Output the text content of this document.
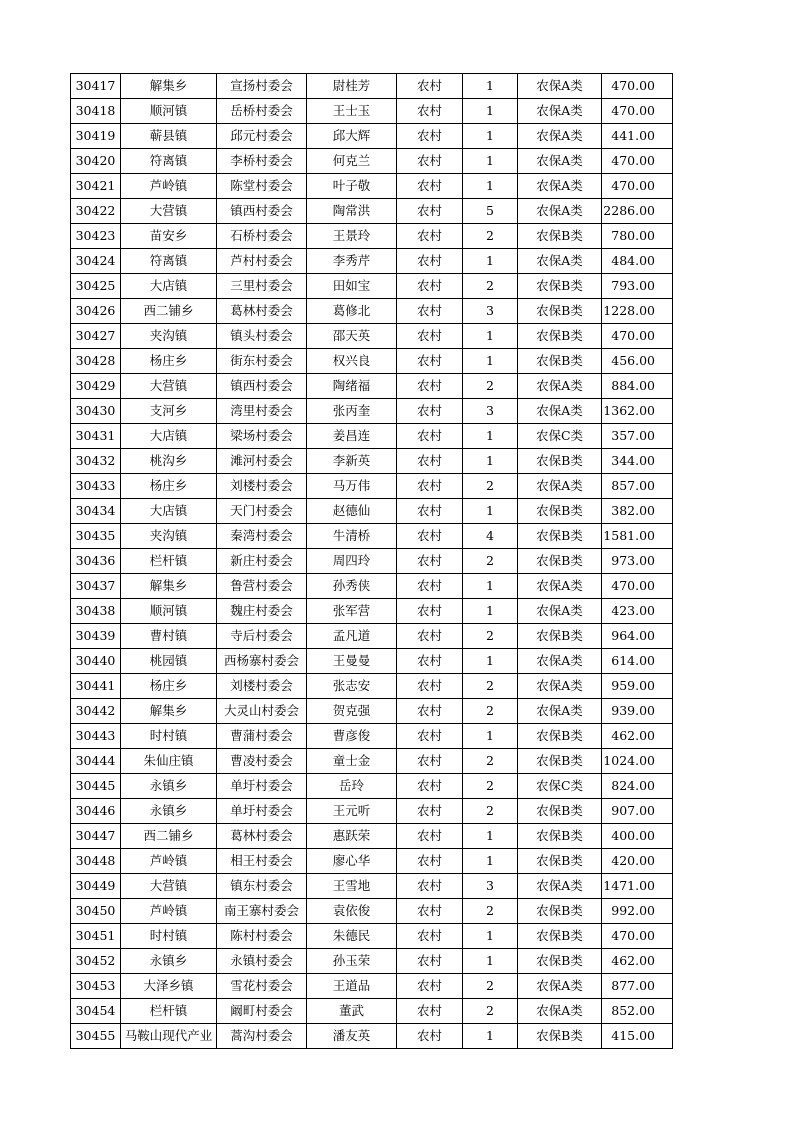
30417	解集乡	宣扬村委会	尉桂芳	农村	1	农保A类	470.00
30418	顺河镇	岳桥村委会	王士玉	农村	1	农保A类	470.00
30419	蕲县镇	邱元村委会	邱大辉	农村	1	农保A类	441.00
30420	符离镇	李桥村委会	何克兰	农村	1	农保A类	470.00
30421	芦岭镇	陈堂村委会	叶子敬	农村	1	农保A类	470.00
30422	大营镇	镇西村委会	陶常洪	农村	5	农保A类	2286.00
30423	苗安乡	石桥村委会	王景玲	农村	2	农保B类	780.00
30424	符离镇	芦村村委会	李秀芹	农村	1	农保A类	484.00
30425	大店镇	三里村委会	田如宝	农村	2	农保B类	793.00
30426	西二铺乡	葛林村委会	葛修北	农村	3	农保B类	1228.00
30427	夹沟镇	镇头村委会	邵天英	农村	1	农保B类	470.00
30428	杨庄乡	街东村委会	权兴良	农村	1	农保B类	456.00
30429	大营镇	镇西村委会	陶绪福	农村	2	农保A类	884.00
30430	支河乡	湾里村委会	张丙奎	农村	3	农保A类	1362.00
30431	大店镇	梁场村委会	姜昌连	农村	1	农保C类	357.00
30432	桃沟乡	滩河村委会	李新英	农村	1	农保B类	344.00
30433	杨庄乡	刘楼村委会	马万伟	农村	2	农保A类	857.00
30434	大店镇	天门村委会	赵德仙	农村	1	农保B类	382.00
30435	夹沟镇	秦湾村委会	牛清桥	农村	4	农保B类	1581.00
30436	栏杆镇	新庄村委会	周四玲	农村	2	农保B类	973.00
30437	解集乡	鲁营村委会	孙秀侠	农村	1	农保A类	470.00
30438	顺河镇	魏庄村委会	张军营	农村	1	农保A类	423.00
30439	曹村镇	寺后村委会	孟凡道	农村	2	农保B类	964.00
30440	桃园镇	西杨寨村委会	王曼曼	农村	1	农保A类	614.00
30441	杨庄乡	刘楼村委会	张志安	农村	2	农保A类	959.00
30442	解集乡	大灵山村委会	贺克强	农村	2	农保A类	939.00
30443	时村镇	曹蒲村委会	曹彦俊	农村	1	农保B类	462.00
30444	朱仙庄镇	曹凌村委会	童士金	农村	2	农保B类	1024.00
30445	永镇乡	单圩村委会	岳玲	农村	2	农保C类	824.00
30446	永镇乡	单圩村委会	王元听	农村	2	农保B类	907.00
30447	西二铺乡	葛林村委会	惠跃荣	农村	1	农保B类	400.00
30448	芦岭镇	相王村委会	廖心华	农村	1	农保B类	420.00
30449	大营镇	镇东村委会	王雪地	农村	3	农保A类	1471.00
30450	芦岭镇	南王寨村委会	袁依俊	农村	2	农保B类	992.00
30451	时村镇	陈村村委会	朱德民	农村	1	农保B类	470.00
30452	永镇乡	永镇村委会	孙玉荣	农村	1	农保B类	462.00
30453	大泽乡镇	雪花村委会	王道品	农村	2	农保A类	877.00
30454	栏杆镇	阚町村委会	董武	农村	2	农保A类	852.00
30455	马鞍山现代产业	蒿沟村委会	潘友英	农村	1	农保B类	415.00
